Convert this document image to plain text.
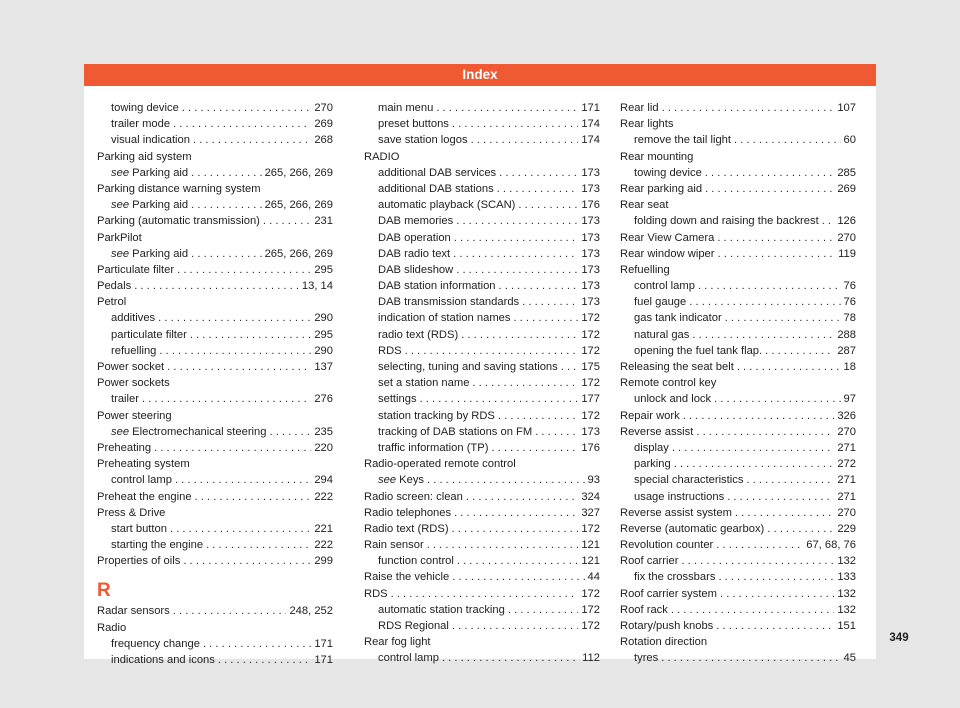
Index
towing device . . .	270
trailer mode . . .	269
visual indication . . .	268
Parking aid system
see Parking aid . . .	265, 266, 269
Parking distance warning system
see Parking aid . . .	265, 266, 269
Parking (automatic transmission) . . .	231
ParkPilot
see Parking aid . . .	265, 266, 269
Particulate filter . . .	295
Pedals . . .	13, 14
Petrol
additives . . .	290
particulate filter . . .	295
refuelling . . .	290
Power socket . . .	137
Power sockets
trailer . . .	276
Power steering
see Electromechanical steering . . .	235
Preheating . . .	220
Preheating system
control lamp . . .	294
Preheat the engine . . .	222
Press & Drive
start button . . .	221
starting the engine . . .	222
Properties of oils . . .	299
R
Radar sensors . . .	248, 252
Radio
frequency change . . .	171
indications and icons . . .	171
main menu . . .	171
preset buttons . . .	174
save station logos . . .	174
RADIO
additional DAB services . . .	173
additional DAB stations . . .	173
automatic playback (SCAN) . . .	176
DAB memories . . .	173
DAB operation . . .	173
DAB radio text . . .	173
DAB slideshow . . .	173
DAB station information . . .	173
DAB transmission standards . . .	173
indication of station names . . .	172
radio text (RDS) . . .	172
RDS . . .	172
selecting, tuning and saving stations . . . 175
set a station name . . .	172
settings . . .	177
station tracking by RDS . . .	172
tracking of DAB stations on FM . . .	173
traffic information (TP) . . .	176
Radio-operated remote control
see Keys . . .	93
Radio screen: clean . . .	324
Radio telephones . . .	327
Radio text (RDS) . . .	172
Rain sensor . . .	121
function control . . .	121
Raise the vehicle . . .	44
RDS . . .	172
automatic station tracking . . .	172
RDS Regional . . .	172
Rear fog light
control lamp . . .	112
Rear lid . . .	107
Rear lights
remove the tail light . . .	60
Rear mounting
towing device . . .	285
Rear parking aid . . .	269
Rear seat
folding down and raising the backrest . . . 126
Rear View Camera . . .	270
Rear window wiper . . .	119
Refuelling
control lamp . . .	76
fuel gauge . . .	76
gas tank indicator . . .	78
natural gas . . .	288
opening the fuel tank flap. . . .	287
Releasing the seat belt . . .	18
Remote control key
unlock and lock . . .	97
Repair work . . .	326
Reverse assist . . .	270
display . . .	271
parking . . .	272
special characteristics . . .	271
usage instructions . . .	271
Reverse assist system . . .	270
Reverse (automatic gearbox) . . .	229
Revolution counter . . .	67, 68, 76
Roof carrier . . .	132
fix the crossbars . . .	133
Roof carrier system . . .	132
Roof rack . . .	132
Rotary/push knobs . . .	151
Rotation direction
tyres . . .	45
349
